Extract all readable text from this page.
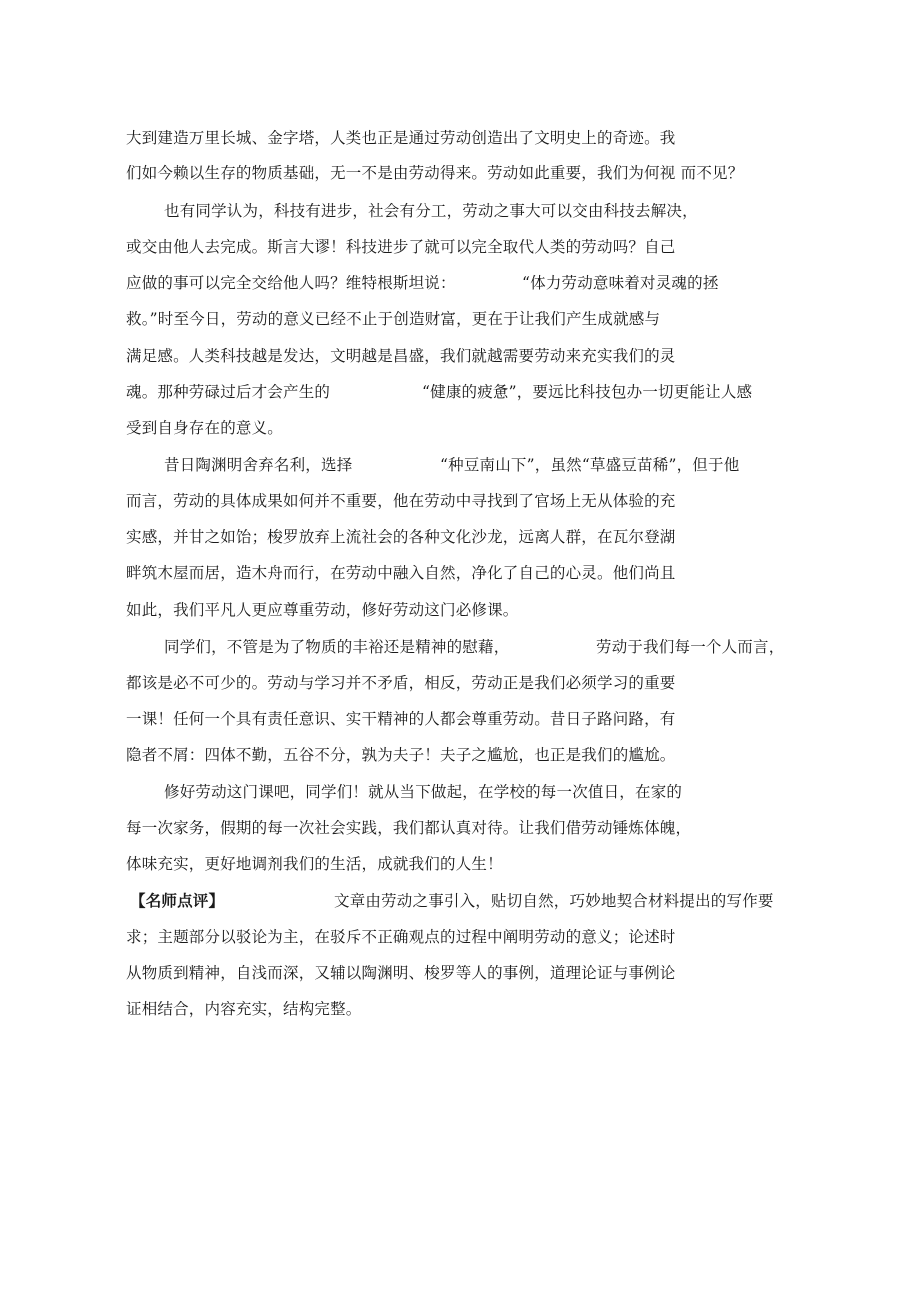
大到建造万里长城、金字塔，人类也正是通过劳动创造出了文明史上的奇迹。我
们如今赖以生存的物质基础，无一不是由劳动得来。劳动如此重要，我们为何视 而不见？
也有同学认为，科技有进步，社会有分工，劳动之事大可以交由科技去解决，
或交由他人去完成。斯言大谬！科技进步了就可以完全取代人类的劳动吗？自己
应做的事可以完全交给他人吗？维特根斯坦说：	“体力劳动意味着对灵魂的拯
救。”时至今日，劳动的意义已经不止于创造财富，更在于让我们产生成就感与
满足感。人类科技越是发达，文明越是昌盛，我们就越需要劳动来充实我们的灵
魂。那种劳碌过后才会产生的	“健康的疲惫”，要远比科技包办一切更能让人感
受到自身存在的意义。
昔日陶渊明舍弃名利，选择	“种豆南山下”，虽然“草盛豆苗稀”，但于他
而言，劳动的具体成果如何并不重要，他在劳动中寻找到了官场上无从体验的充
实感，并甘之如饴；梭罗放弃上流社会的各种文化沙龙，远离人群，在瓦尔登湖
畔筑木屋而居，造木舟而行，在劳动中融入自然，净化了自己的心灵。他们尚且
如此，我们平凡人更应尊重劳动，修好劳动这门必修课。
同学们，不管是为了物质的丰裕还是精神的慰藉，	劳动于我们每一个人而言，
都该是必不可少的。劳动与学习并不矛盾，相反，劳动正是我们必须学习的重要
一课！任何一个具有责任意识、实干精神的人都会尊重劳动。昔日子路问路，有
隐者不屑：四体不勤，五谷不分，孰为夫子！夫子之尴尬，也正是我们的尴尬。
修好劳动这门课吧，同学们！就从当下做起，在学校的每一次值日，在家的
每一次家务，假期的每一次社会实践，我们都认真对待。让我们借劳动锤炼体魄，
体味充实，更好地调剂我们的生活，成就我们的人生！
【名师点评】	文章由劳动之事引入，贴切自然，巧妙地契合材料提出的写作要
求；主题部分以驳论为主，在驳斥不正确观点的过程中阐明劳动的意义；论述时
从物质到精神，自浅而深，又辅以陶渊明、梭罗等人的事例，道理论证与事例论
证相结合，内容充实，结构完整。
